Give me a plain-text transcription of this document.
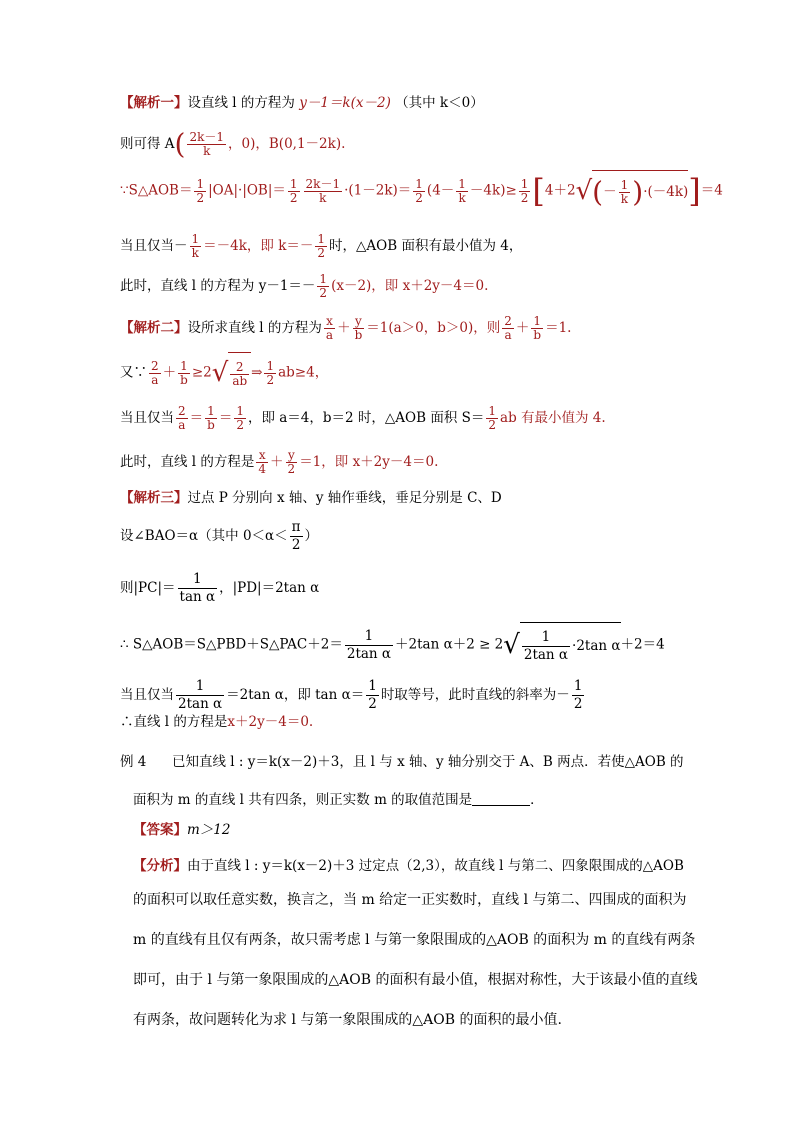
【解析一】设直线 l 的方程为 y－1＝k(x－2) （其中 k＜0）
则可得 $A( \frac{2k-1}{k}$ ，0)，B(0,1－2k).
∵S△AOB＝ $\frac{1}{2} |OA|\cdot|OB|= \frac{1}{2} \frac{2k-1}{k} \cdot(1-2k)= \frac{1}{2} (4- \frac{1}{k} -4k)\ge \frac{1}{2} [4+2√(- \frac{1}{k} )\cdot(-4k)]=4$
当且仅当－ $\frac{1}{k} =-4k$，即 $k=- \frac{1}{2}$ 时，△AOB 面积有最小值为 4，
此时，直线 l 的方程为 $y-1=- \frac{1}{2} (x-2)$，即 x＋2y－4＝0.
【解析二】设所求直线 l 的方程为 $\frac{x}{a} + \frac{y}{b} =1(a>0$，b＞0)，则 $\frac{2}{a} + \frac{1}{b} =1$.
又∵ $\frac{2}{a} + \frac{1}{b} \ge 2√ \frac{2}{ab}$ ⇒ $\frac{1}{2} ab\ge 4$，
当且仅当 $\frac{2}{a} = \frac{1}{b} = \frac{1}{2}$ ，即 a＝4，b＝2 时，△AOB 面积 $S= \frac{1}{2}$ ab 有最小值为 4.
此时，直线 l 的方程是 $\frac{x}{4} + \frac{y}{2} =1$，即 x＋2y－4＝0.
【解析三】过点 P 分别向 x 轴、y 轴作垂线，垂足分别是 C、D
设∠BAO＝α（其中 $0<\alpha< \frac{\pi}{2}$ ）
则$|PC|= \frac{1}{\text{tan α}}$ ，|PD|＝2tan α
∴ S△AOB＝S△PBD＋S△PAC＋2＝ $\frac{1}{\text{2tan α}} +2\tan$ $\alpha+2 \ge 2√ \frac{1}{\text{2tan α}} \cdot 2\tan$ α＋2＝4
当且仅当 $\frac{1}{\text{2tan α}} =2\tan$ α，即 $\tan \alpha= \frac{1}{2}$ 时取等号，此时直线的斜率为－ $\frac{1}{2}$
∴直线 l 的方程是x＋2y－4＝0.
例 4 已知直线 l : y＝k(x－2)＋3，且 l 与 x 轴、y 轴分别交于 A、B 两点．若使△AOB 的
面积为 m 的直线 l 共有四条，则正实数 m 的取值范围是	．
【答案】m＞12
【分析】由于直线 l : y＝k(x－2)＋3 过定点（2,3），故直线 l 与第二、四象限围成的△AOB
的面积可以取任意实数，换言之，当 m 给定一正实数时，直线 l 与第二、四围成的面积为 m 的直线有且仅有两条，故只需考虑 l 与第一象限围成的△AOB 的面积为 m 的直线有两条即可，由于 l 与第一象限围成的△AOB 的面积有最小值，根据对称性，大于该最小值的直线有两条，故问题转化为求 l 与第一象限围成的△AOB 的面积的最小值.
